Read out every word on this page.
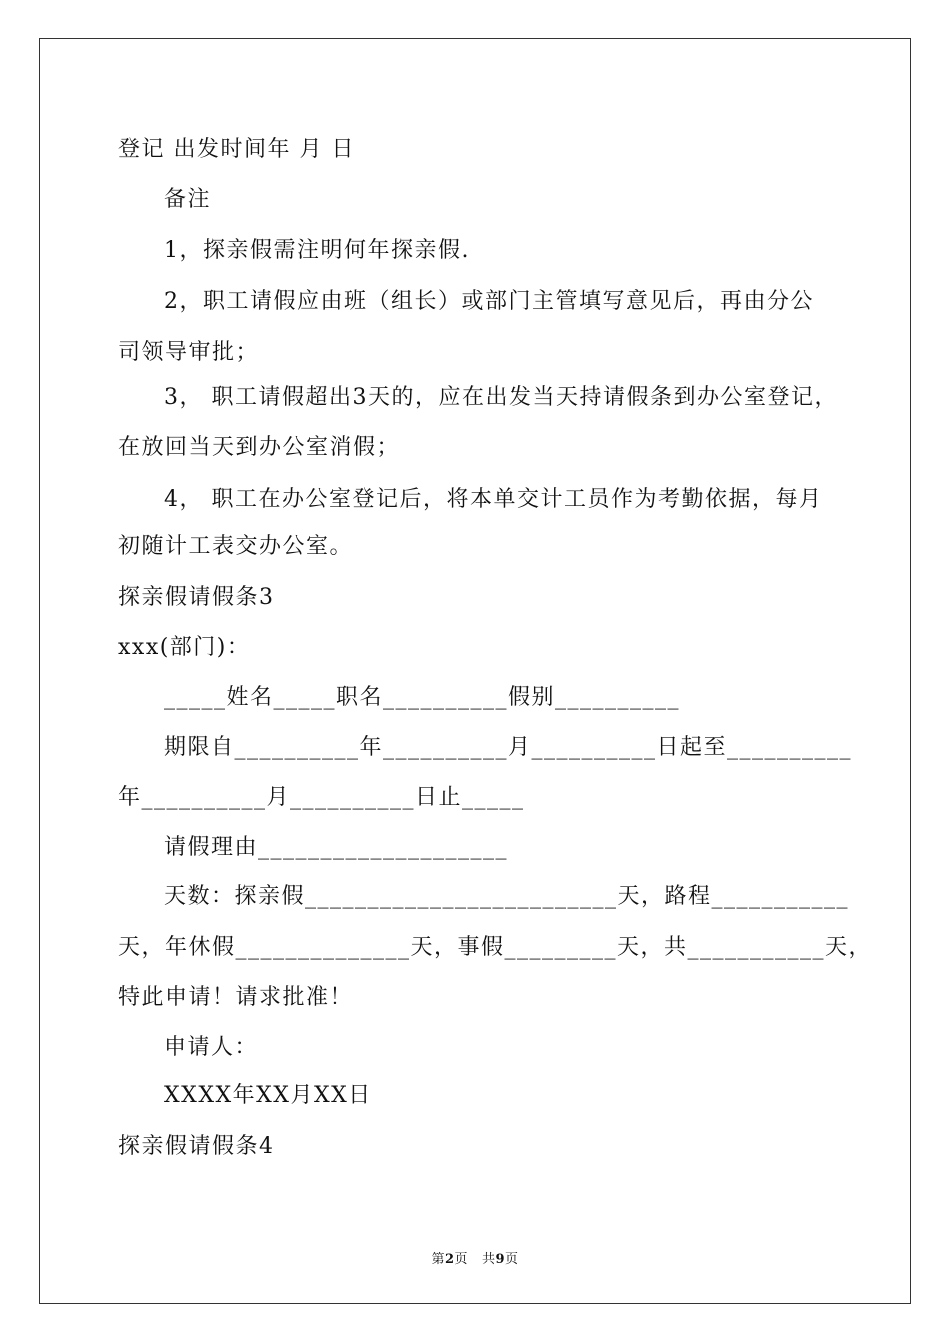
登记 出发时间年 月 日
备注
1，探亲假需注明何年探亲假.
2，职工请假应由班（组长）或部门主管填写意见后，再由分公
司领导审批；
3， 职工请假超出3天的，应在出发当天持请假条到办公室登记，
在放回当天到办公室消假；
4， 职工在办公室登记后，将本单交计工员作为考勤依据，每月
初随计工表交办公室。
探亲假请假条3
xxx(部门)：
_____姓名_____职名__________假别__________
期限自__________年__________月__________日起至__________
年__________月__________日止_____
请假理由____________________
天数：探亲假_________________________天，路程___________
天，年休假______________天，事假_________天，共___________天，
特此申请！请求批准！
申请人：
XXXX年XX月XX日
探亲假请假条4
第2页   共9页
